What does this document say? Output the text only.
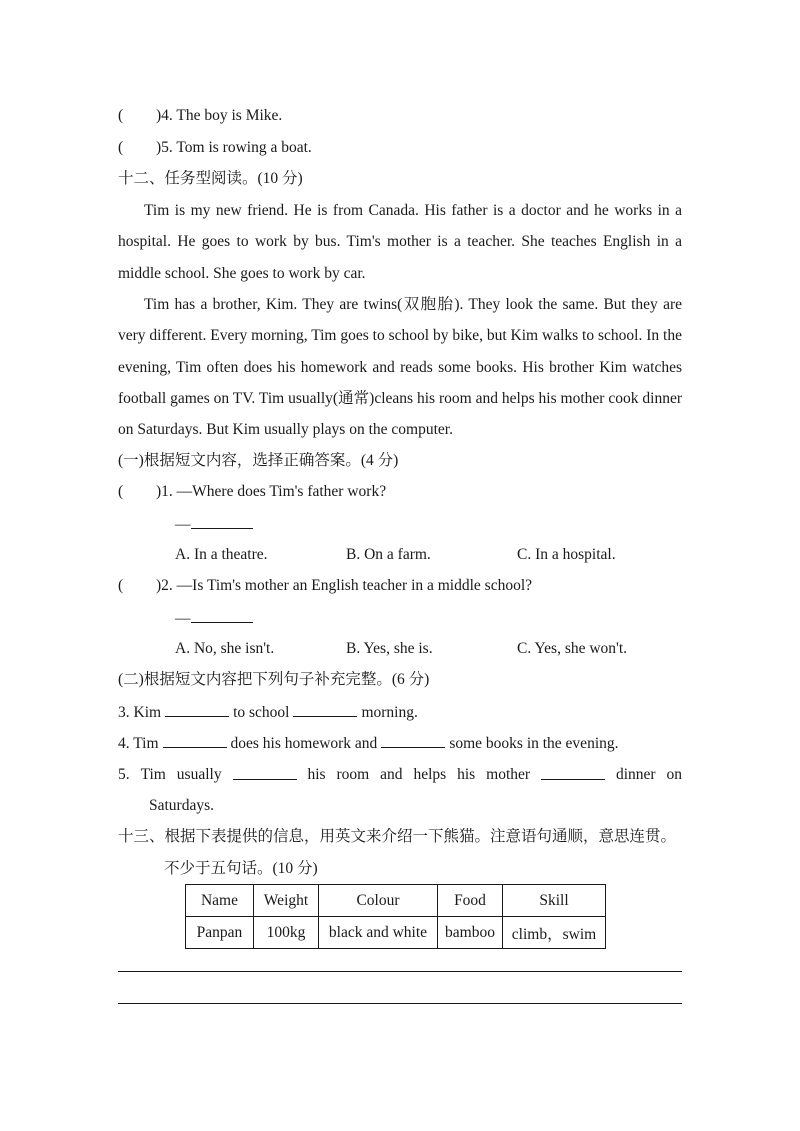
( )4. The boy is Mike.
( )5. Tom is rowing a boat.
十二、任务型阅读。(10 分)
Tim is my new friend. He is from Canada. His father is a doctor and he works in a hospital. He goes to work by bus. Tim's mother is a teacher. She teaches English in a middle school. She goes to work by car.
Tim has a brother, Kim. They are twins(双胞胎). They look the same. But they are very different. Every morning, Tim goes to school by bike, but Kim walks to school. In the evening, Tim often does his homework and reads some books. His brother Kim watches football games on TV. Tim usually(通常)cleans his room and helps his mother cook dinner on Saturdays. But Kim usually plays on the computer.
(一)根据短文内容，选择正确答案。(4 分)
( )1. —Where does Tim's father work?
—
A. In a theatre.	B. On a farm.	C. In a hospital.
( )2. —Is Tim's mother an English teacher in a middle school?
—
A. No, she isn't.	B. Yes, she is.	C. Yes, she won't.
(二)根据短文内容把下列句子补充完整。(6 分)
3. Kim	to school	morning.
4. Tim	does his homework and	some books in the evening.
5. Tim usually	his room and helps his mother	dinner on
Saturdays.
十三、根据下表提供的信息，用英文来介绍一下熊猫。注意语句通顺，意思连贯。
不少于五句话。(10 分)
Name	Weight	Colour	Food	Skill
Panpan	100kg	black and white	bamboo	climb，swim
